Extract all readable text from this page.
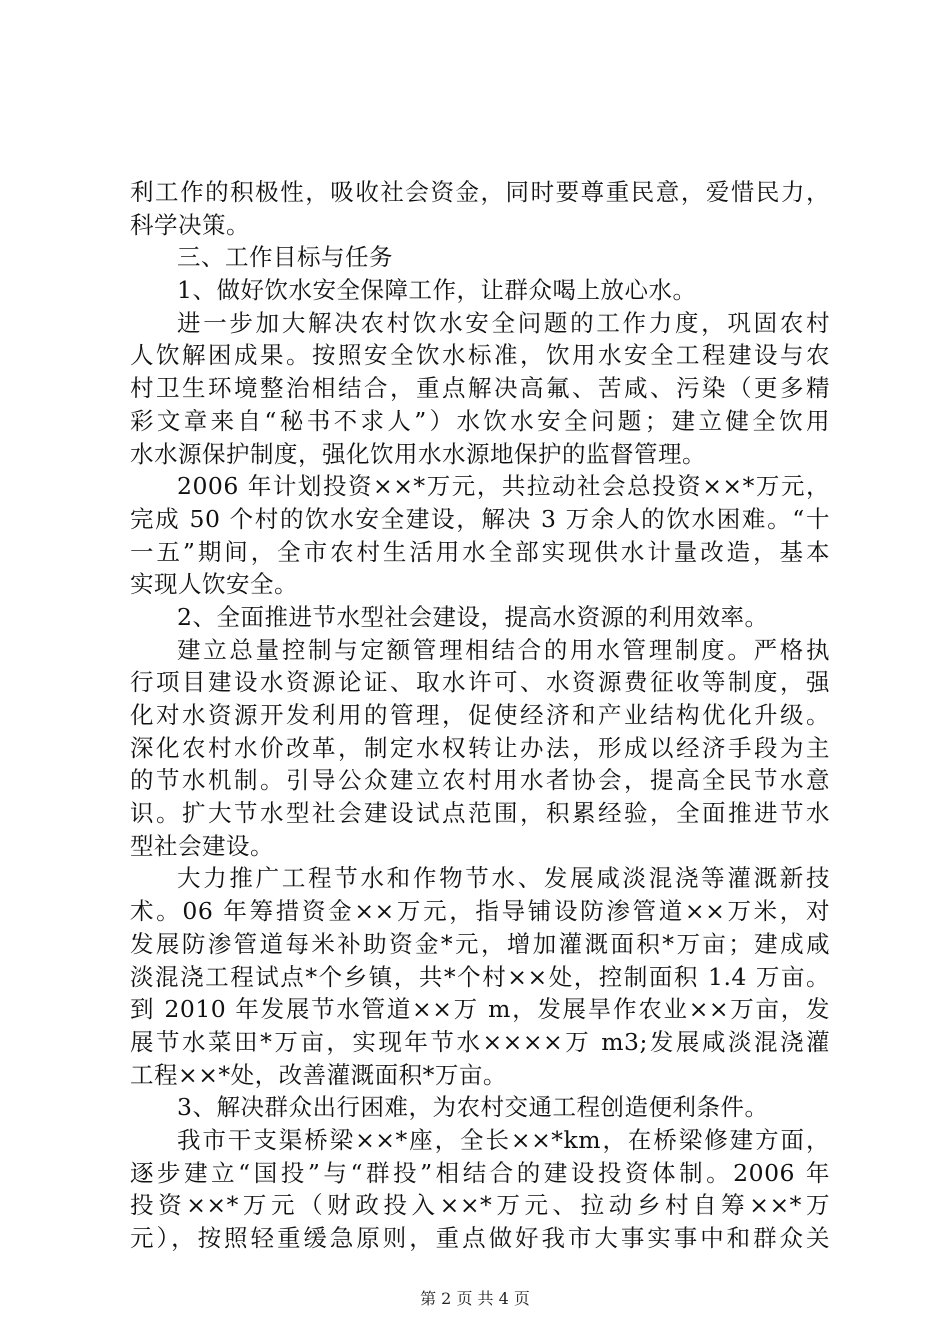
利工作的积极性，吸收社会资金，同时要尊重民意，爱惜民力，
科学决策。
三、工作目标与任务
1、做好饮水安全保障工作，让群众喝上放心水。
进一步加大解决农村饮水安全问题的工作力度，巩固农村
人饮解困成果。按照安全饮水标准，饮用水安全工程建设与农
村卫生环境整治相结合，重点解决高氟、苦咸、污染（更多精
彩文章来自“秘书不求人”）水饮水安全问题；建立健全饮用
水水源保护制度，强化饮用水水源地保护的监督管理。
2006 年计划投资××*万元，共拉动社会总投资××*万元，
完成 50 个村的饮水安全建设，解决 3 万余人的饮水困难。“十
一五”期间，全市农村生活用水全部实现供水计量改造，基本
实现人饮安全。
2、全面推进节水型社会建设，提高水资源的利用效率。
建立总量控制与定额管理相结合的用水管理制度。严格执
行项目建设水资源论证、取水许可、水资源费征收等制度，强
化对水资源开发利用的管理，促使经济和产业结构优化升级。
深化农村水价改革，制定水权转让办法，形成以经济手段为主
的节水机制。引导公众建立农村用水者协会，提高全民节水意
识。扩大节水型社会建设试点范围，积累经验，全面推进节水
型社会建设。
大力推广工程节水和作物节水、发展咸淡混浇等灌溉新技
术。06 年筹措资金××万元，指导铺设防渗管道××万米，对
发展防渗管道每米补助资金*元，增加灌溉面积*万亩；建成咸
淡混浇工程试点*个乡镇，共*个村××处，控制面积 1.4 万亩。
到 2010 年发展节水管道××万 m，发展旱作农业××万亩，发
展节水菜田*万亩，实现年节水××××万 m3;发展咸淡混浇灌
工程××*处，改善灌溉面积*万亩。
3、解决群众出行困难，为农村交通工程创造便利条件。
我市干支渠桥梁××*座，全长××*km，在桥梁修建方面，
逐步建立“国投”与“群投”相结合的建设投资体制。2006 年
投资××*万元（财政投入××*万元、拉动乡村自筹××*万
元），按照轻重缓急原则，重点做好我市大事实事中和群众关
第 2 页 共 4 页
